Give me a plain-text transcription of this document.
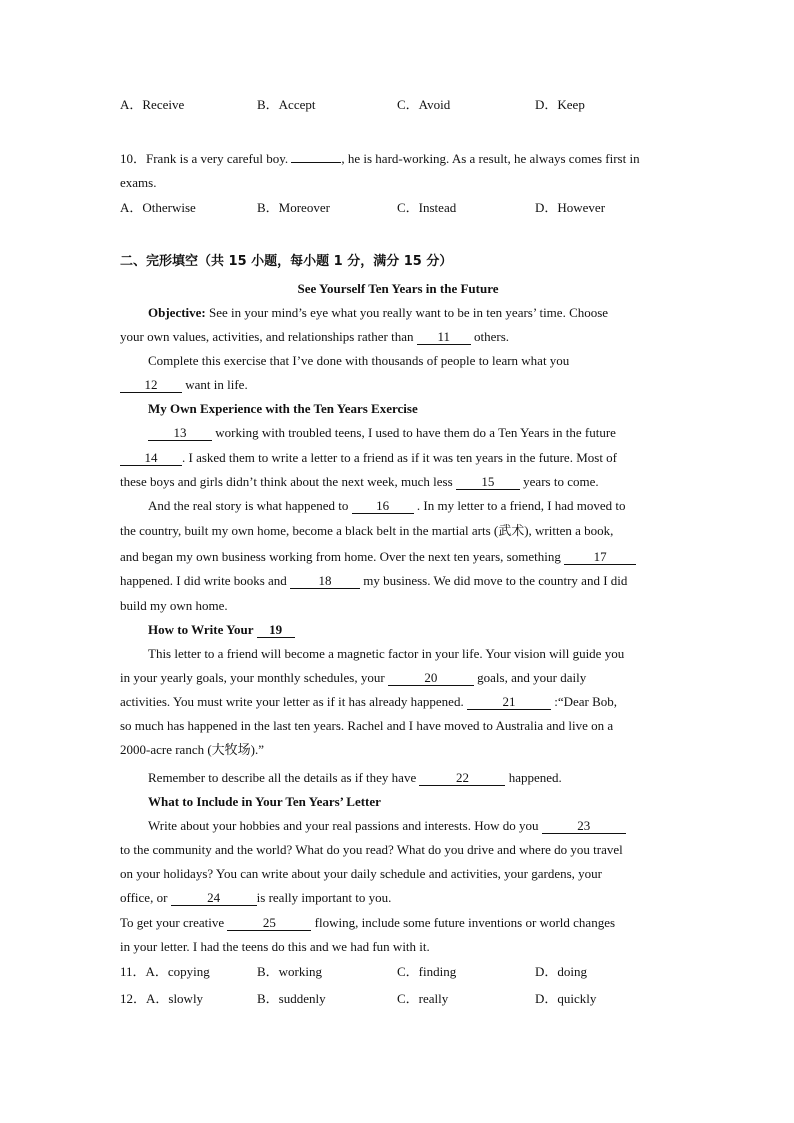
A．Receive	B．Accept	C．Avoid	D．Keep
10．Frank is a very careful boy.	, he is hard-working. As a result, he always comes first in
exams.
A．Otherwise	B．Moreover	C．Instead	D．However
二、完形填空（共 15 小题，每小题 1 分，满分 15 分）
See Yourself Ten Years in the Future
Objective: See in your mind’s eye what you really want to be in ten years’ time. Choose
your own values, activities, and relationships rather than 11 others.
Complete this exercise that I’ve done with thousands of people to learn what you
12 want in life.
My Own Experience with the Ten Years Exercise
13 working with troubled teens, I used to have them do a Ten Years in the future
14 . I asked them to write a letter to a friend as if it was ten years in the future. Most of
these boys and girls didn’t think about the next week, much less 15 years to come.
And the real story is what happened to 16 . In my letter to a friend, I had moved to
the country, built my own home, become a black belt in the martial arts (武术), written a book,
and began my own business working from home. Over the next ten years, something 17
happened. I did write books and 18 my business. We did move to the country and I did
build my own home.
How to Write Your 19
This letter to a friend will become a magnetic factor in your life. Your vision will guide you
in your yearly goals, your monthly schedules, your	20	goals, and your daily
activities. You must write your letter as if it has already happened.	21	:“Dear Bob,
so much has happened in the last ten years. Rachel and I have moved to Australia and live on a
2000-acre ranch (大牧场).”
Remember to describe all the details as if they have	22	happened.
What to Include in Your Ten Years’ Letter
Write about your hobbies and your real passions and interests. How do you	23
to the community and the world? What do you read? What do you drive and where do you travel
on your holidays? You can write about your daily schedule and activities, your gardens, your
office, or	24	is really important to you.
To get your creative	25	flowing, include some future inventions or world changes
in your letter. I had the teens do this and we had fun with it.
11．A．copying	B．working	C．finding	D．doing
12．A．slowly	B．suddenly	C．really	D．quickly
